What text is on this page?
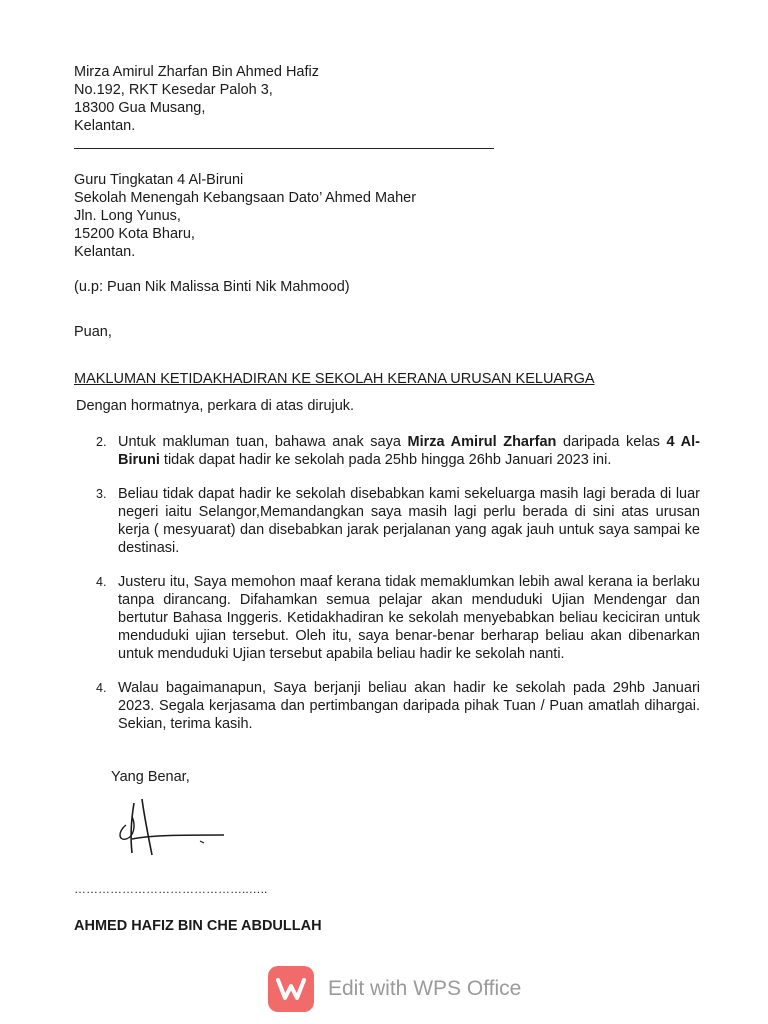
Mirza Amirul Zharfan Bin Ahmed Hafiz
No.192, RKT Kesedar Paloh 3,
18300 Gua Musang,
Kelantan.
Guru Tingkatan 4 Al-Biruni
Sekolah Menengah Kebangsaan Dato’ Ahmed Maher
Jln. Long Yunus,
15200 Kota Bharu,
Kelantan.
(u.p: Puan Nik Malissa Binti Nik Mahmood)
Puan,
MAKLUMAN KETIDAKHADIRAN KE SEKOLAH KERANA URUSAN KELUARGA
Dengan hormatnya, perkara di atas dirujuk.
2. Untuk makluman tuan, bahawa anak saya Mirza Amirul Zharfan daripada kelas 4 Al-Biruni tidak dapat hadir ke sekolah pada 25hb hingga 26hb Januari 2023 ini.
3. Beliau tidak dapat hadir ke sekolah disebabkan kami sekeluarga masih lagi berada di luar negeri iaitu Selangor,Memandangkan saya masih lagi perlu berada di sini atas urusan kerja ( mesyuarat) dan disebabkan jarak perjalanan yang agak jauh untuk saya sampai ke destinasi.
4. Justeru itu, Saya memohon maaf kerana tidak memaklumkan lebih awal kerana ia berlaku tanpa dirancang. Difahamkan semua pelajar akan menduduki Ujian Mendengar dan bertutur Bahasa Inggeris. Ketidakhadiran ke sekolah menyebabkan beliau keciciran untuk menduduki ujian tersebut. Oleh itu, saya benar-benar berharap beliau akan dibenarkan untuk menduduki Ujian tersebut apabila beliau hadir ke sekolah nanti.
4. Walau bagaimanapun, Saya berjanji beliau akan hadir ke sekolah pada 29hb Januari 2023. Segala kerjasama dan pertimbangan daripada pihak Tuan / Puan amatlah dihargai. Sekian, terima kasih.
Yang Benar,
……………………………………..…..
AHMED HAFIZ BIN CHE ABDULLAH
Edit with WPS Office
